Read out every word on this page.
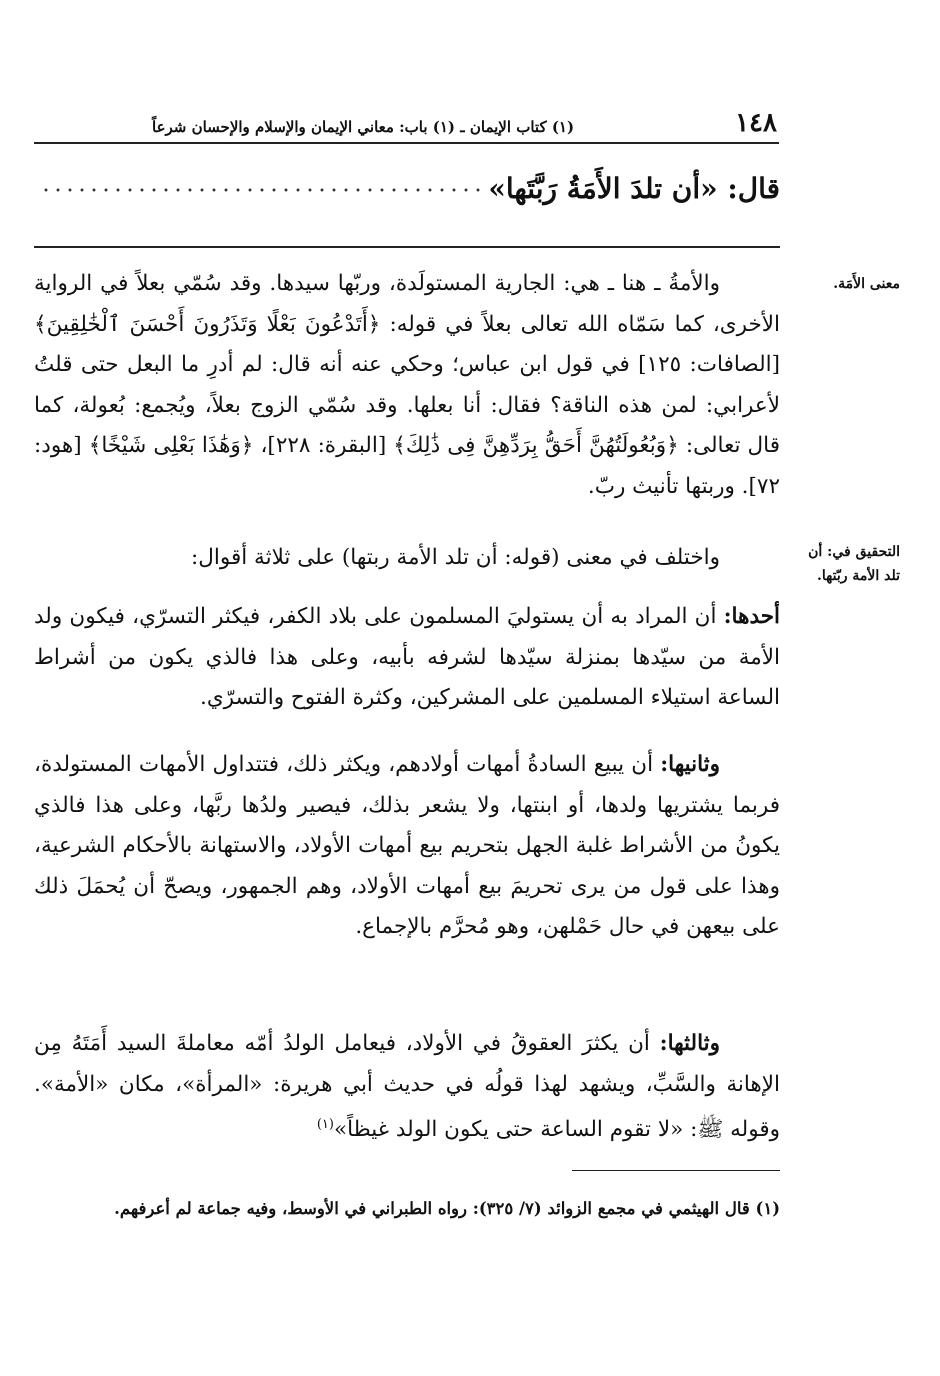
١٤٨
(١) كتاب الإيمان ـ (١) باب: معاني الإيمان والإسلام والإحسان شرعاً
قال: «أن تلدَ الأَمَةُ رَبَّتَها»
معنى الأَمَة.
التحقيق في: أن
تلد الأمة ربّتها.

والأمةُ ـ هنا ـ هي: الجارية المستولَدة، وربّها سيدها. وقد سُمّي بعلاً في الرواية الأخرى، كما سَمّاه الله تعالى بعلاً في قوله: ﴿أَتَدْعُونَ بَعْلًا وَتَذَرُونَ أَحْسَنَ ٱلْخَٰلِقِينَ﴾ [الصافات: ١٢٥] في قول ابن عباس؛ وحكي عنه أنه قال: لم أدرِ ما البعل حتى قلتُ لأعرابي: لمن هذه الناقة؟ فقال: أنا بعلها. وقد سُمّي الزوج بعلاً، ويُجمع: بُعولة، كما قال تعالى: ﴿وَبُعُولَتُهُنَّ أَحَقُّ بِرَدِّهِنَّ فِى ذَٰلِكَ﴾ [البقرة: ٢٢٨]، ﴿وَهَٰذَا بَعْلِى شَيْخًا﴾ [هود: ٧٢]. وربتها تأنيث ربّ.

واختلف في معنى (قوله: أن تلد الأمة ربتها) على ثلاثة أقوال:

أحدها: أن المراد به أن يستوليَ المسلمون على بلاد الكفر، فيكثر التسرّي، فيكون ولد الأمة من سيّدها بمنزلة سيّدها لشرفه بأبيه، وعلى هذا فالذي يكون من أشراط الساعة استيلاء المسلمين على المشركين، وكثرة الفتوح والتسرّي.

وثانيها: أن يبيع السادةُ أمهات أولادهم، ويكثر ذلك، فتتداول الأمهات المستولدة، فربما يشتريها ولدها، أو ابنتها، ولا يشعر بذلك، فيصير ولدُها ربَّها، وعلى هذا فالذي يكونُ من الأشراط غلبة الجهل بتحريم بيع أمهات الأولاد، والاستهانة بالأحكام الشرعية، وهذا على قول من يرى تحريمَ بيع أمهات الأولاد، وهم الجمهور، ويصحّ أن يُحمَلَ ذلك على بيعهن في حال حَمْلهن، وهو مُحرَّم بالإجماع.

وثالثها: أن يكثرَ العقوقُ في الأولاد، فيعامل الولدُ أمّه معاملةَ السيد أَمَتَهُ مِن الإهانة والسَّبِّ، ويشهد لهذا قولُه في حديث أبي هريرة: «المرأة»، مكان «الأمة». وقوله ﷺ: «لا تقوم الساعة حتى يكون الولد غيظاً»$^{(١)}$

(١) قال الهيثمي في مجمع الزوائد (٧/ ٣٢٥): رواه الطبراني في الأوسط، وفيه جماعة لم أعرفهم.
